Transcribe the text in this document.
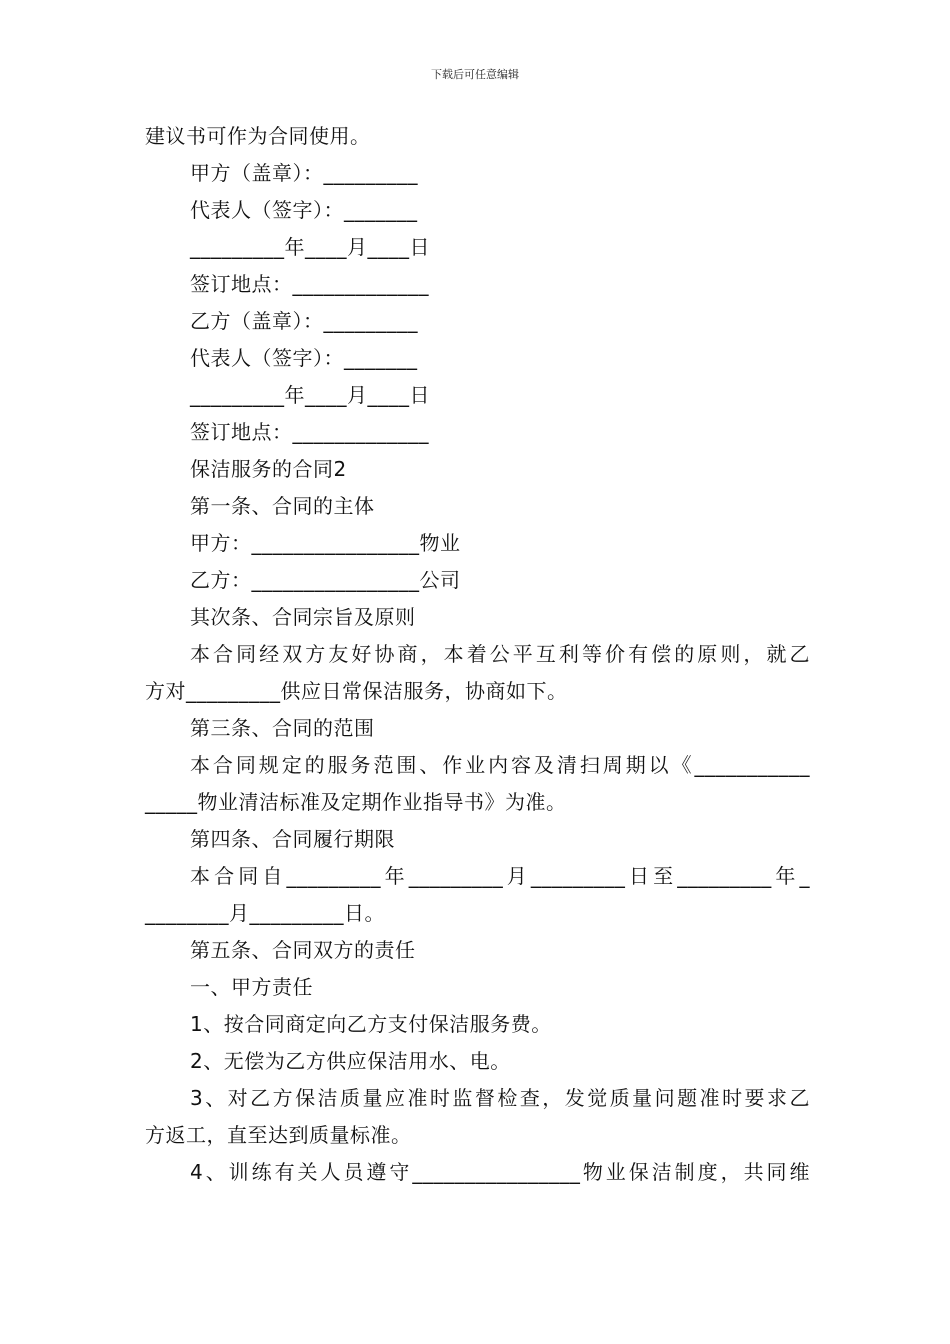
下载后可任意编辑
建议书可作为合同使用。
甲方（盖章）：_________
代表人（签字）：_______
_________年____月____日
签订地点：_____________
乙方（盖章）：_________
代表人（签字）：_______
_________年____月____日
签订地点：_____________
保洁服务的合同2
第一条、合同的主体
甲方：________________物业
乙方：________________公司
其次条、合同宗旨及原则
本合同经双方友好协商，本着公平互利等价有偿的原则，就乙
方对_________供应日常保洁服务，协商如下。
第三条、合同的范围
本合同规定的服务范围、作业内容及清扫周期以《___________
_____物业清洁标准及定期作业指导书》为准。
第四条、合同履行期限
本合同自_________年_________月_________日至_________年_
________月_________日。
第五条、合同双方的责任
一、甲方责任
1、按合同商定向乙方支付保洁服务费。
2、无偿为乙方供应保洁用水、电。
3、对乙方保洁质量应准时监督检查，发觉质量问题准时要求乙
方返工，直至达到质量标准。
4、训练有关人员遵守________________物业保洁制度，共同维
